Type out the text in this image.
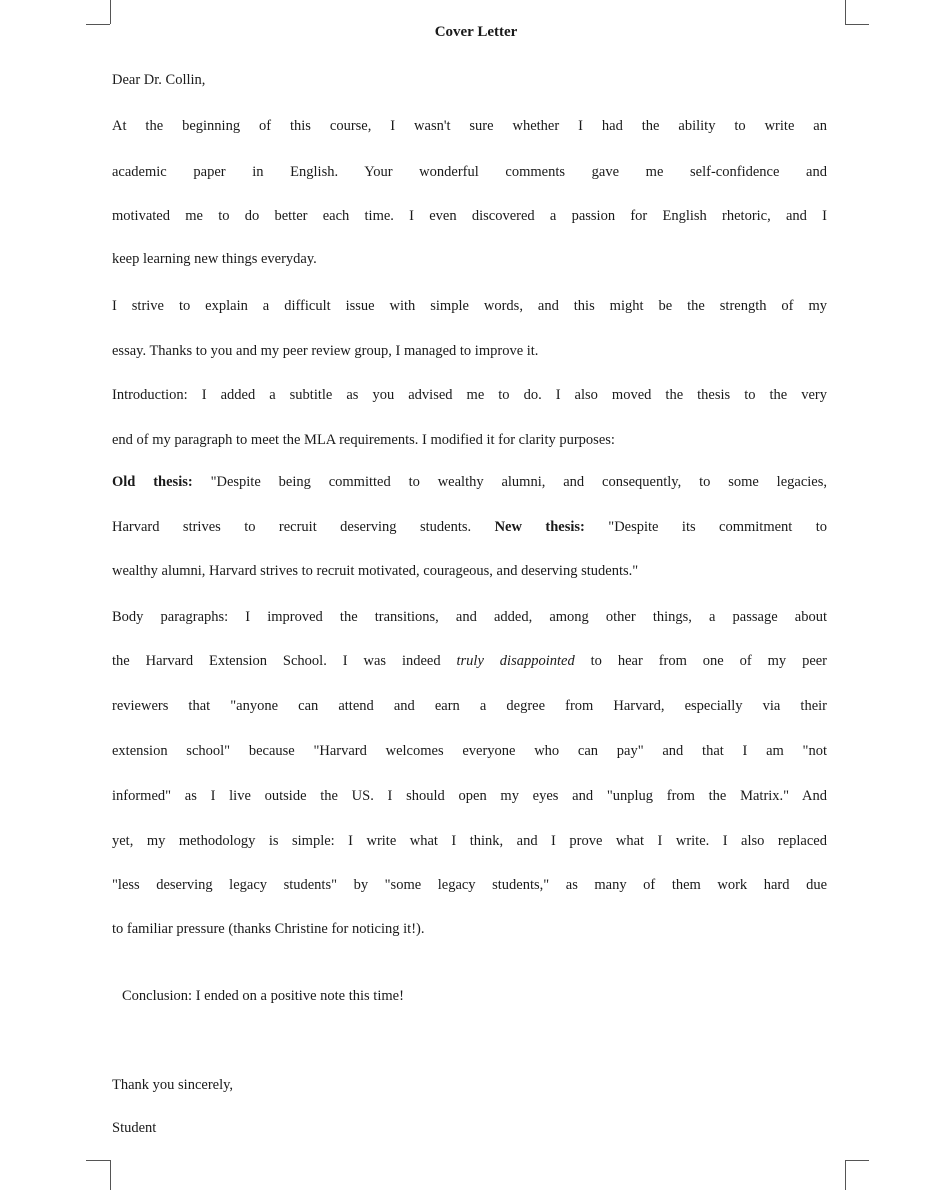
Cover Letter
Dear Dr. Collin,
At the beginning of this course, I wasn't sure whether I had the ability to write an
academic paper in English. Your wonderful comments gave me self-confidence and
motivated me to do better each time. I even discovered a passion for English rhetoric, and I
keep learning new things everyday.
I strive to explain a difficult issue with simple words, and this might be the strength of my
essay. Thanks to you and my peer review group, I managed to improve it.
Introduction: I added a subtitle as you advised me to do. I also moved the thesis to the very
end of my paragraph to meet the MLA requirements. I modified it for clarity purposes:
Old thesis: "Despite being committed to wealthy alumni, and consequently, to some legacies,
Harvard strives to recruit deserving students. New thesis: "Despite its commitment to
wealthy alumni, Harvard strives to recruit motivated, courageous, and deserving students."
Body paragraphs: I improved the transitions, and added, among other things, a passage about
the Harvard Extension School. I was indeed truly disappointed to hear from one of my peer
reviewers that "anyone can attend and earn a degree from Harvard, especially via their
extension school" because "Harvard welcomes everyone who can pay" and that I am "not
informed" as I live outside the US. I should open my eyes and "unplug from the Matrix." And
yet, my methodology is simple: I write what I think, and I prove what I write. I also replaced
"less deserving legacy students" by "some legacy students," as many of them work hard due
to familiar pressure (thanks Christine for noticing it!).
Conclusion: I ended on a positive note this time!
Thank you sincerely,
Student
